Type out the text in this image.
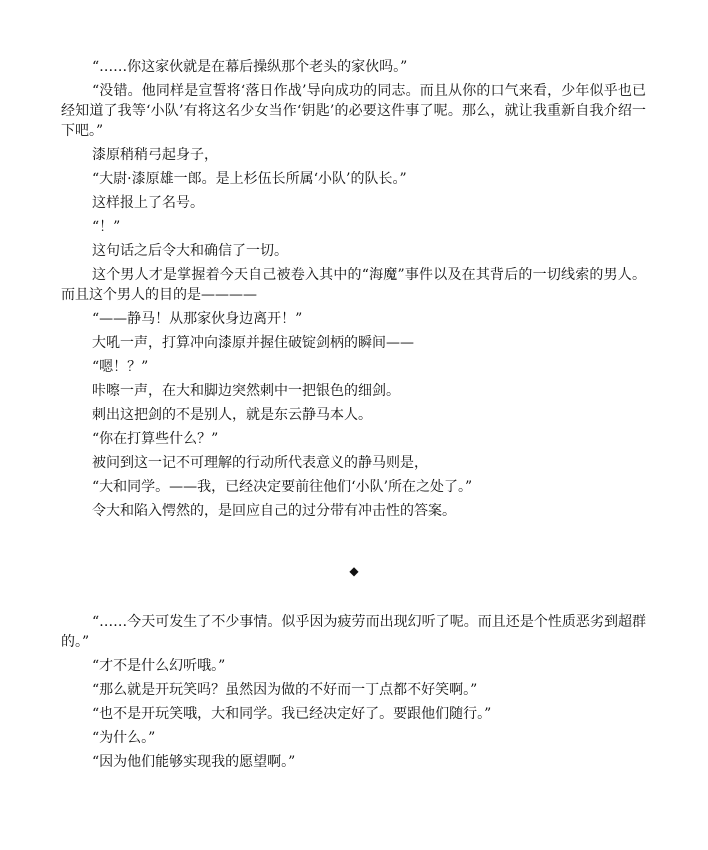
“……你这家伙就是在幕后操纵那个老头的家伙吗。”

“没错。他同样是宣誓将‘落日作战’导向成功的同志。而且从你的口气来看，少年似乎也已经知道了我等‘小队’有将这名少女当作‘钥匙’的必要这件事了呢。那么，就让我重新自我介绍一下吧。”

漆原稍稍弓起身子，

“大尉·漆原雄一郎。是上杉伍长所属‘小队’的队长。”

这样报上了名号。

“！”

这句话之后令大和确信了一切。

这个男人才是掌握着今天自己被卷入其中的“海魔”事件以及在其背后的一切线索的男人。而且这个男人的目的是————

“——静马！从那家伙身边离开！”

大吼一声，打算冲向漆原并握住破锭剑柄的瞬间——

“嗯！？”

咔嚓一声，在大和脚边突然刺中一把银色的细剑。

刺出这把剑的不是别人，就是东云静马本人。

“你在打算些什么？”

被问到这一记不可理解的行动所代表意义的静马则是，

“大和同学。——我，已经决定要前往他们‘小队’所在之处了。”

令大和陷入愕然的，是回应自己的过分带有冲击性的答案。

◆

“……今天可发生了不少事情。似乎因为疲劳而出现幻听了呢。而且还是个性质恶劣到超群的。”

“才不是什么幻听哦。”

“那么就是开玩笑吗？虽然因为做的不好而一丁点都不好笑啊。”

“也不是开玩笑哦，大和同学。我已经决定好了。要跟他们随行。”

“为什么。”

“因为他们能够实现我的愿望啊。”
